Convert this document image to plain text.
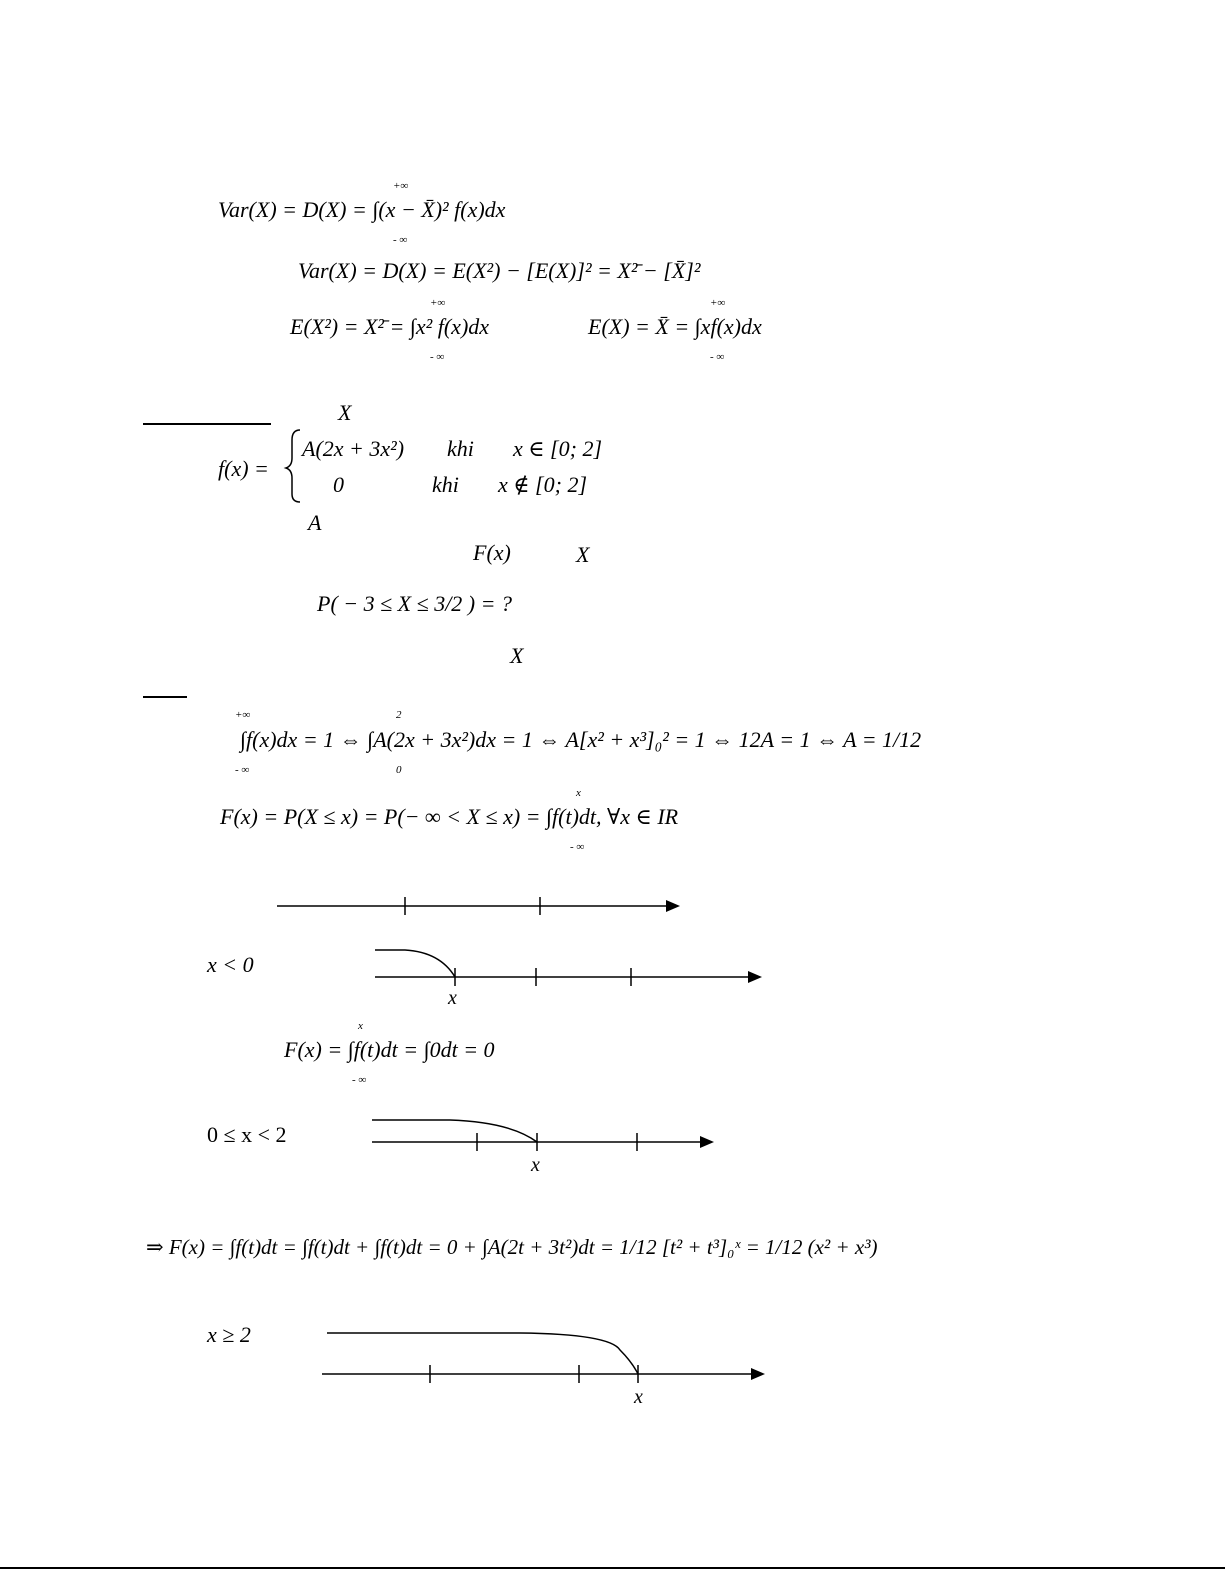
+∞
Var(X) = D(X) = ∫(x − X̄)² f(x)dx
- ∞
Var(X) = D(X) = E(X²) − [E(X)]² = X²̄ − [X̄]²
+∞
E(X²) = X²̄ = ∫x² f(x)dx
- ∞
+∞
E(X) = X̄ = ∫xf(x)dx
- ∞
X
f(x) =
A(2x + 3x²) khi x ∈ [0; 2]
0	khi x ∉ [0; 2]
A
F(x)	X
P( − 3 ≤ X ≤ 3/2 ) = ?
X
+∞	2
∫f(x)dx = 1 ⇔ ∫A(2x + 3x²)dx = 1 ⇔ A[x² + x³]₀² = 1 ⇔ 12A = 1 ⇔ A = 1/12
- ∞	0
x
F(x) = P(X ≤ x) = P(− ∞ < X ≤ x) = ∫f(t)dt, ∀x ∈ IR
- ∞
x < 0
x
x
F(x) = ∫f(t)dt = ∫0dt = 0
- ∞
0 ≤ x < 2
x
⇒ F(x) = ∫f(t)dt = ∫f(t)dt + ∫f(t)dt = 0 + ∫A(2t + 3t²)dt = 1/12 [t² + t³]₀ˣ = 1/12 (x² + x³)
x ≥ 2
x
